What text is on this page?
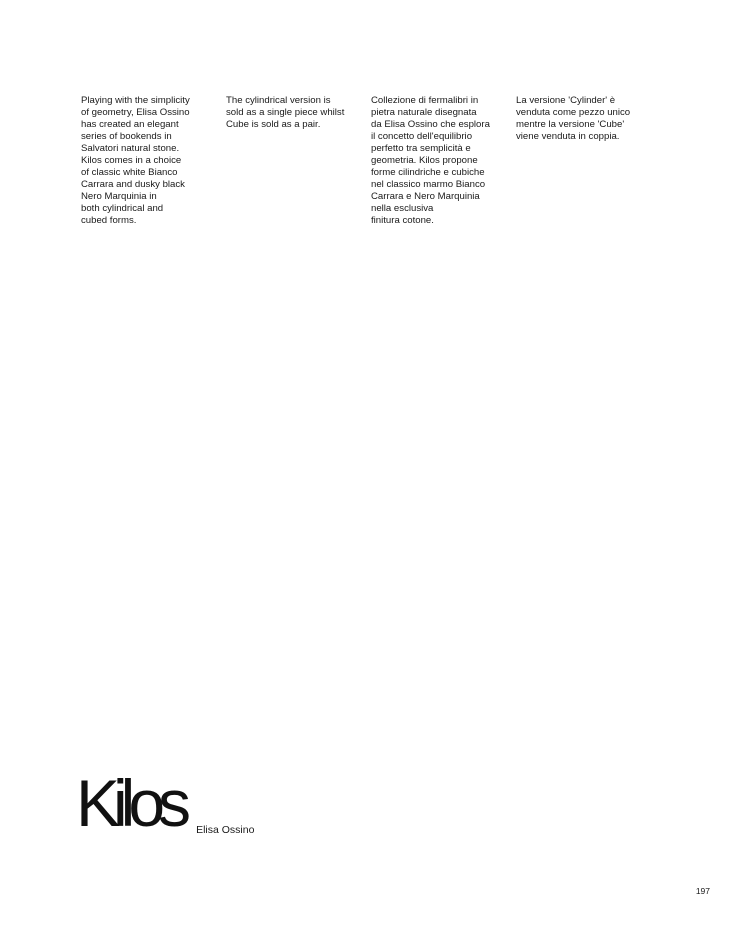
Playing with the simplicity
of geometry, Elisa Ossino
has created an elegant
series of bookends in
Salvatori natural stone.
Kilos comes in a choice
of classic white Bianco
Carrara and dusky black
Nero Marquinia in
both cylindrical and
cubed forms.
The cylindrical version is
sold as a single piece whilst
Cube is sold as a pair.
Collezione di fermalibri in
pietra naturale disegnata
da Elisa Ossino che esplora
il concetto dell'equilibrio
perfetto tra semplicità e
geometria. Kilos propone
forme cilindriche e cubiche
nel classico marmo Bianco
Carrara e Nero Marquinia
nella esclusiva
finitura cotone.
La versione 'Cylinder' è
venduta come pezzo unico
mentre la versione 'Cube'
viene venduta in coppia.
Kilos Elisa Ossino
197
